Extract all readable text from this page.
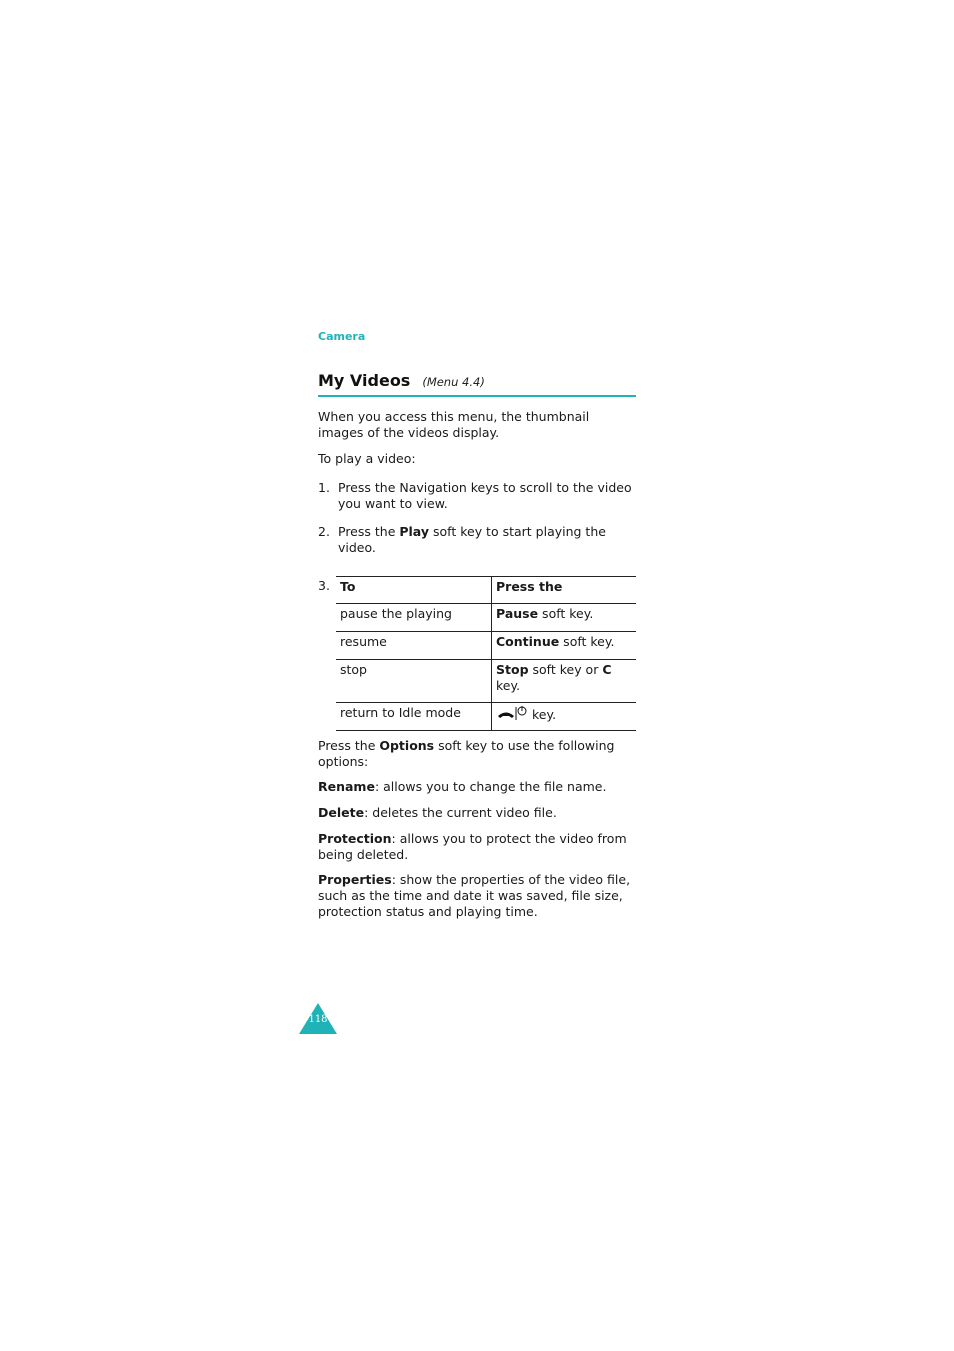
Camera
My Videos (Menu 4.4)
When you access this menu, the thumbnail images of the videos display.
To play a video:
1. Press the Navigation keys to scroll to the video you want to view.
2. Press the Play soft key to start playing the video.
3. To	Press the
pause the playing	Pause soft key.
resume	Continue soft key.
stop	Stop soft key or C key.
return to Idle mode	key.
Press the Options soft key to use the following options:
Rename: allows you to change the file name.
Delete: deletes the current video file.
Protection: allows you to protect the video from being deleted.
Properties: show the properties of the video file, such as the time and date it was saved, file size, protection status and playing time.
118
